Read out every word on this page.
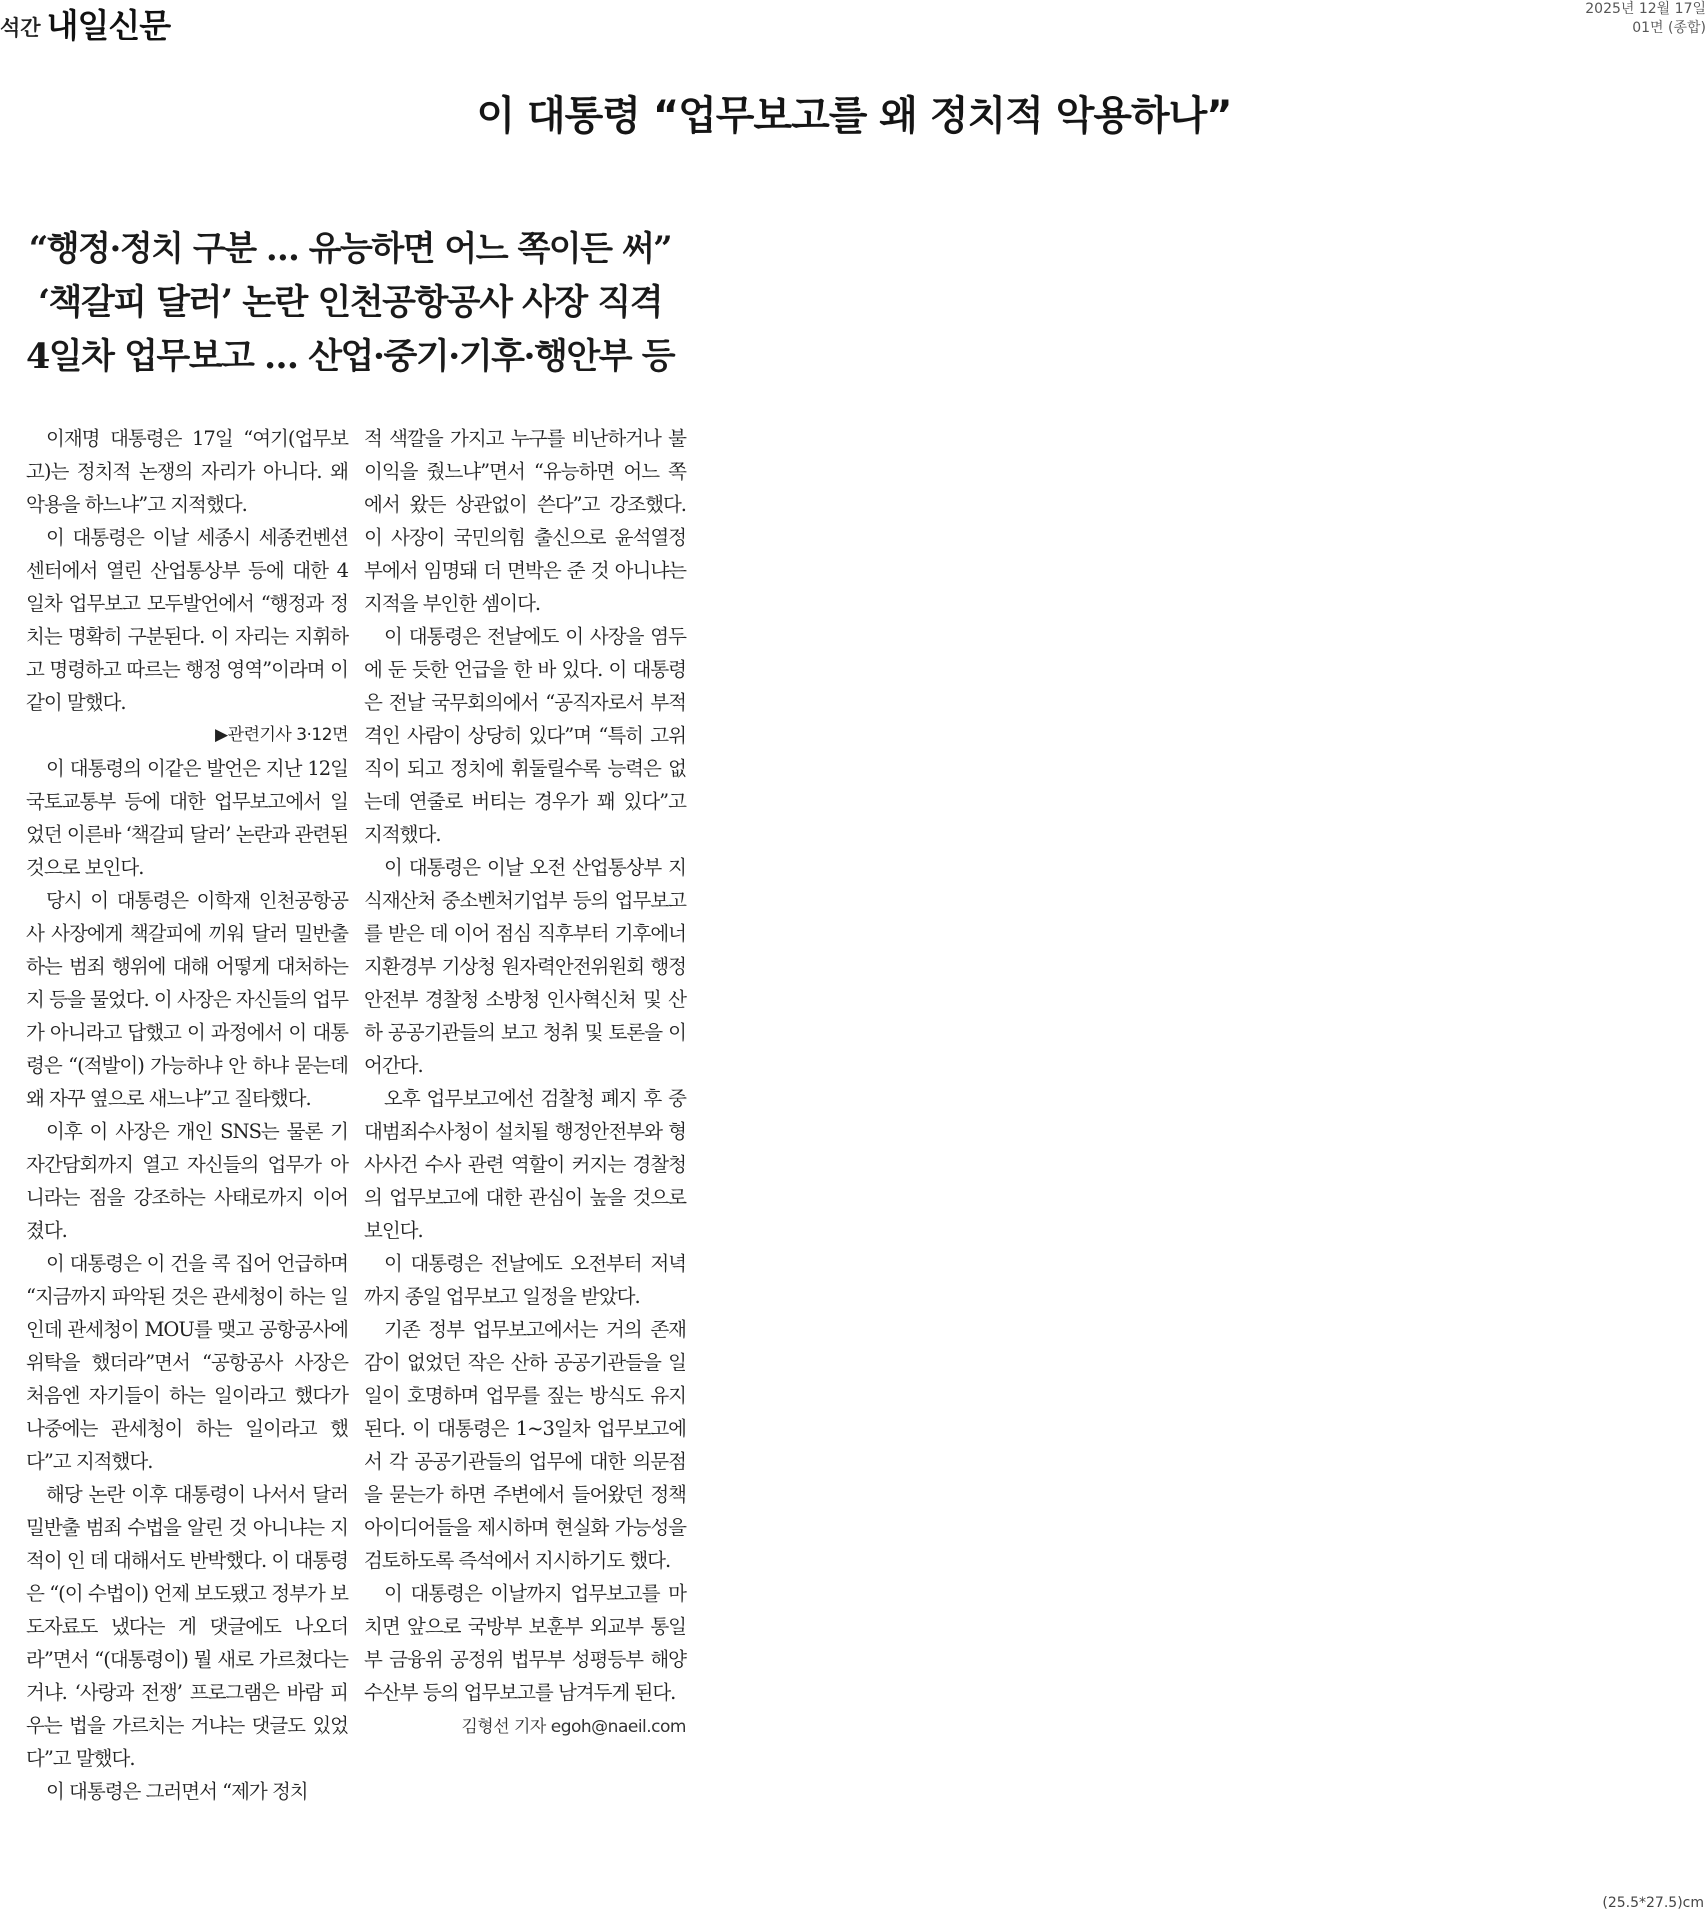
석간 내일신문	2025년 12월 17일
01면 (종합)
이 대통령 “업무보고를 왜 정치적 악용하나”
“행정·정치 구분 … 유능하면 어느 쪽이든 써”
‘책갈피 달러’ 논란 인천공항공사 사장 직격
4일차 업무보고 … 산업·중기·기후·행안부 등

이재명 대통령은 17일 “여기(업무보고)는 정치적 논쟁의 자리가 아니다. 왜 악용을 하느냐”고 지적했다.

이 대통령은 이날 세종시 세종컨벤션센터에서 열린 산업통상부 등에 대한 4일차 업무보고 모두발언에서 “행정과 정치는 명확히 구분된다. 이 자리는 지휘하고 명령하고 따르는 행정 영역”이라며 이같이 말했다.

▶관련기사 3·12면

이 대통령의 이같은 발언은 지난 12일 국토교통부 등에 대한 업무보고에서 일었던 이른바 ‘책갈피 달러’ 논란과 관련된 것으로 보인다.

당시 이 대통령은 이학재 인천공항공사 사장에게 책갈피에 끼워 달러 밀반출하는 범죄 행위에 대해 어떻게 대처하는지 등을 물었다. 이 사장은 자신들의 업무가 아니라고 답했고 이 과정에서 이 대통령은 “(적발이) 가능하냐 안 하냐 묻는데 왜 자꾸 옆으로 새느냐”고 질타했다.

이후 이 사장은 개인 SNS는 물론 기자간담회까지 열고 자신들의 업무가 아니라는 점을 강조하는 사태로까지 이어졌다.

이 대통령은 이 건을 콕 집어 언급하며 “지금까지 파악된 것은 관세청이 하는 일인데 관세청이 MOU를 맺고 공항공사에 위탁을 했더라”면서 “공항공사 사장은 처음엔 자기들이 하는 일이라고 했다가 나중에는 관세청이 하는 일이라고 했다”고 지적했다.

해당 논란 이후 대통령이 나서서 달러 밀반출 범죄 수법을 알린 것 아니냐는 지적이 인 데 대해서도 반박했다. 이 대통령은 “(이 수법이) 언제 보도됐고 정부가 보도자료도 냈다는 게 댓글에도 나오더라”면서 “(대통령이) 뭘 새로 가르쳤다는 거냐. ‘사랑과 전쟁’ 프로그램은 바람 피우는 법을 가르치는 거냐는 댓글도 있었다”고 말했다.

이 대통령은 그러면서 “제가 정치

적 색깔을 가지고 누구를 비난하거나 불이익을 줬느냐”면서 “유능하면 어느 쪽에서 왔든 상관없이 쓴다”고 강조했다. 이 사장이 국민의힘 출신으로 윤석열정부에서 임명돼 더 면박은 준 것 아니냐는 지적을 부인한 셈이다.

이 대통령은 전날에도 이 사장을 염두에 둔 듯한 언급을 한 바 있다. 이 대통령은 전날 국무회의에서 “공직자로서 부적격인 사람이 상당히 있다”며 “특히 고위직이 되고 정치에 휘둘릴수록 능력은 없는데 연줄로 버티는 경우가 꽤 있다”고 지적했다.

이 대통령은 이날 오전 산업통상부 지식재산처 중소벤처기업부 등의 업무보고를 받은 데 이어 점심 직후부터 기후에너지환경부 기상청 원자력안전위원회 행정안전부 경찰청 소방청 인사혁신처 및 산하 공공기관들의 보고 청취 및 토론을 이어간다.

오후 업무보고에선 검찰청 폐지 후 중대범죄수사청이 설치될 행정안전부와 형사사건 수사 관련 역할이 커지는 경찰청의 업무보고에 대한 관심이 높을 것으로 보인다.

이 대통령은 전날에도 오전부터 저녁까지 종일 업무보고 일정을 받았다.

기존 정부 업무보고에서는 거의 존재감이 없었던 작은 산하 공공기관들을 일일이 호명하며 업무를 짚는 방식도 유지된다. 이 대통령은 1~3일차 업무보고에서 각 공공기관들의 업무에 대한 의문점을 묻는가 하면 주변에서 들어왔던 정책 아이디어들을 제시하며 현실화 가능성을 검토하도록 즉석에서 지시하기도 했다.

이 대통령은 이날까지 업무보고를 마치면 앞으로 국방부 보훈부 외교부 통일부 금융위 공정위 법무부 성평등부 해양수산부 등의 업무보고를 남겨두게 된다.

김형선 기자 egoh@naeil.com
(25.5*27.5)cm
